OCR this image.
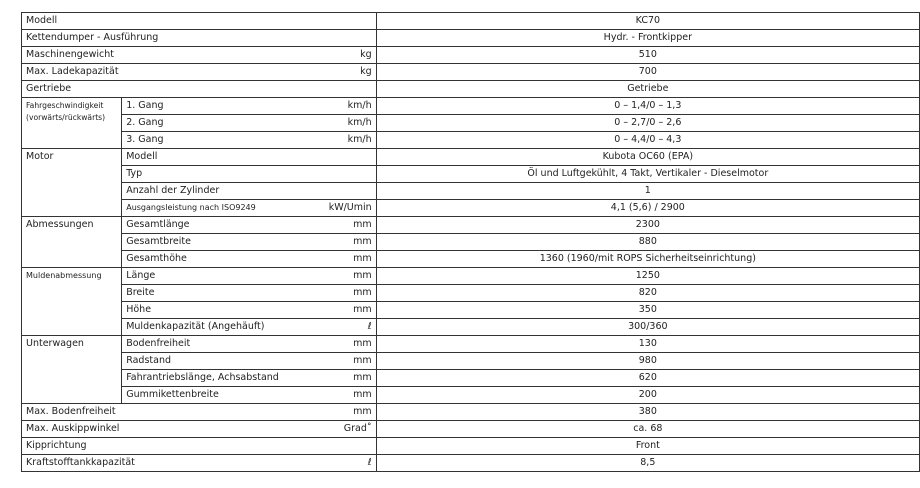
Modell			KC70
Kettendumper - Ausführung			Hydr. - Frontkipper
Maschinengewicht		kg	510
Max. Ladekapazität		kg	700
Gertriebe			Getriebe
Fahrgeschwindigkeit (vorwärts/rückwärts)	1. Gang	km/h	0 – 1,4/0 – 1,3
	2. Gang	km/h	0 – 2,7/0 – 2,6
	3. Gang	km/h	0 – 4,4/0 – 4,3
Motor	Modell		Kubota OC60 (EPA)
	Typ		Öl und Luftgekühlt, 4 Takt, Vertikaler - Dieselmotor
	Anzahl der Zylinder		1
	Ausgangsleistung nach ISO9249	kW/Umin	4,1 (5,6) / 2900
Abmessungen	Gesamtlänge	mm	2300
	Gesamtbreite	mm	880
	Gesamthöhe	mm	1360 (1960/mit ROPS Sicherheitseinrichtung)
Muldenabmessung	Länge	mm	1250
	Breite	mm	820
	Höhe	mm	350
	Muldenkapazität (Angehäuft)	ℓ	300/360
Unterwagen	Bodenfreiheit	mm	130
	Radstand	mm	980
	Fahrantriebslänge, Achsabstand	mm	620
	Gummikettenbreite	mm	200
Max. Bodenfreiheit		mm	380
Max. Auskippwinkel		Grad˚	ca. 68
Kipprichtung			Front
Kraftstofftankkapazität		ℓ	8,5
